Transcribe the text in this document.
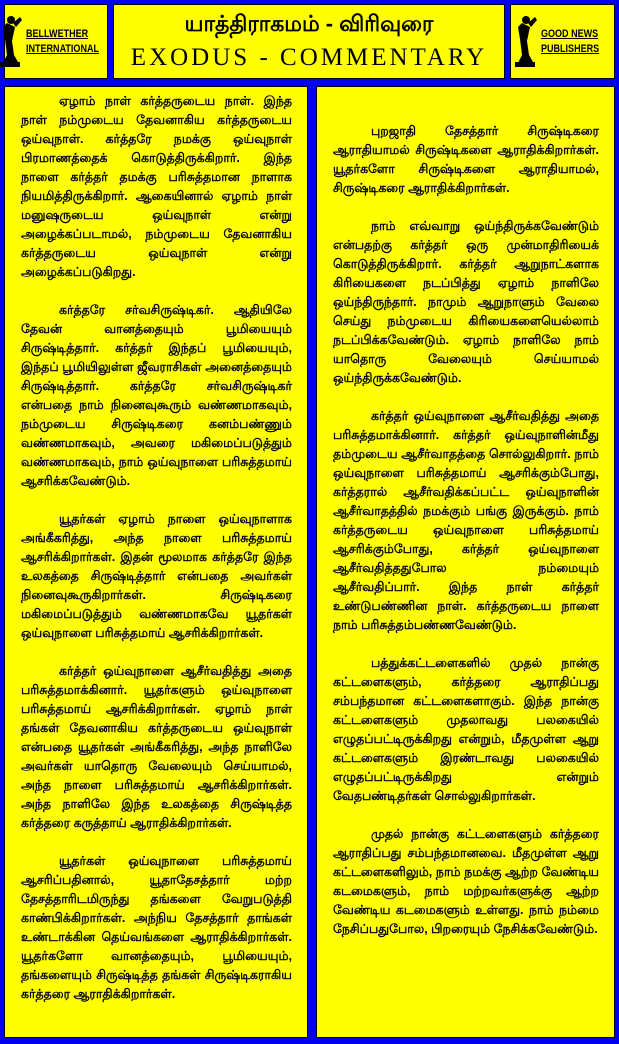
BELLWETHER
INTERNATIONAL
யாத்திராகமம் - விரிவுரை
EXODUS - COMMENTARY
GOOD NEWS
PUBLISHERS

ஏழாம் நாள் கர்த்தருடைய நாள். இந்த நாள் நம்முடைய தேவனாகிய கர்த்தருடைய ஒய்வுநாள். கர்த்தரே நமக்கு ஒய்வுநாள் பிரமாணத்தைக் கொடுத்திருக்கிறார். இந்த நாளை கர்த்தர் தமக்கு பரிசுத்தமான நாளாக நியமித்திருக்கிறார். ஆகையினால் ஏழாம் நாள் மனுஷருடைய ஒய்வுநாள் என்று அழைக்கப்படாமல், நம்முடைய தேவனாகிய கர்த்தருடைய ஒய்வுநாள் என்று அழைக்கப்படுகிறது.

கர்த்தரே சர்வசிருஷ்டிகர். ஆதியிலே தேவன் வானத்தையும் பூமியையும் சிருஷ்டித்தார். கர்த்தர் இந்தப் பூமியையும், இந்தப் பூமியிலுள்ள ஜீவராசிகள் அனைத்தையும் சிருஷ்டித்தார். கர்த்தரே சர்வசிருஷ்டிகர் என்பதை நாம் நினைவுகூரும் வண்ணமாகவும், நம்முடைய சிருஷ்டிகரை கனம்பண்ணும் வண்ணமாகவும், அவரை மகிமைப்படுத்தும் வண்ணமாகவும், நாம் ஒய்வுநாளை பரிசுத்தமாய் ஆசரிக்கவேண்டும்.

யூதர்கள் ஏழாம் நாளை ஒய்வுநாளாக அங்கீகரித்து, அந்த நாளை பரிசுத்தமாய் ஆசரிக்கிறார்கள். இதன் மூலமாக கர்த்தரே இந்த உலகத்தை சிருஷ்டித்தார் என்பதை அவர்கள் நினைவுகூருகிறார்கள். சிருஷ்டிகரை மகிமைப்படுத்தும் வண்ணமாகவே யூதர்கள் ஒய்வுநாளை பரிசுத்தமாய் ஆசரிக்கிறார்கள்.

கர்த்தர் ஒய்வுநாளை ஆசீர்வதித்து அதை பரிசுத்தமாக்கினார். யூதர்களும் ஒய்வுநாளை பரிசுத்தமாய் ஆசரிக்கிறார்கள். ஏழாம் நாள் தங்கள் தேவனாகிய கர்த்தருடைய ஒய்வுநாள் என்பதை யூதர்கள் அங்கீகரித்து, அந்த நாளிலே அவர்கள் யாதொரு வேலையும் செய்யாமல், அந்த நாளை பரிசுத்தமாய் ஆசரிக்கிறார்கள். அந்த நாளிலே இந்த உலகத்தை சிருஷ்டித்த கர்த்தரை கருத்தாய் ஆராதிக்கிறார்கள்.

யூதர்கள் ஒய்வுநாளை பரிசுத்தமாய் ஆசரிப்பதினால், யூதாதேசத்தார் மற்ற தேசத்தாரிடமிருந்து தங்களை வேறுபடுத்தி காண்பிக்கிறார்கள். அந்நிய தேசத்தார் தாங்கள் உண்டாக்கின தெய்வங்களை ஆராதிக்கிறார்கள். யூதர்களோ வானத்தையும், பூமியையும், தங்களையும் சிருஷ்டித்த தங்கள் சிருஷ்டிகராகிய கர்த்தரை ஆராதிக்கிறார்கள்.

புறஜாதி தேசத்தார் சிருஷ்டிகரை ஆராதியாமல் சிருஷ்டிகளை ஆராதிக்கிறார்கள். யூதர்களோ சிருஷ்டிகளை ஆராதியாமல், சிருஷ்டிகரை ஆராதிக்கிறார்கள்.

நாம் எவ்வாறு ஒய்ந்திருக்கவேண்டும் என்பதற்கு கர்த்தர் ஒரு முன்மாதிரியைக் கொடுத்திருக்கிறார். கர்த்தர் ஆறுநாட்களாக கிரியைகளை நடப்பித்து ஏழாம் நாளிலே ஒய்ந்திருந்தார். நாமும் ஆறுநாளும் வேலை செய்து நம்முடைய கிரியைகளையெல்லாம் நடப்பிக்கவேண்டும். ஏழாம் நாளிலே நாம் யாதொரு வேலையும் செய்யாமல் ஒய்ந்திருக்கவேண்டும்.

கர்த்தர் ஒய்வுநாளை ஆசீர்வதித்து அதை பரிசுத்தமாக்கினார். கர்த்தர் ஒய்வுநாளின்மீது தம்முடைய ஆசீர்வாதத்தை சொல்லுகிறார். நாம் ஒய்வுநாளை பரிசுத்தமாய் ஆசரிக்கும்போது, கர்த்தரால் ஆசீர்வதிக்கப்பட்ட ஒய்வுநாளின் ஆசீர்வாதத்தில் நமக்கும் பங்கு இருக்கும். நாம் கர்த்தருடைய ஒய்வுநாளை பரிசுத்தமாய் ஆசரிக்கும்போது, கர்த்தர் ஒய்வுநாளை ஆசீர்வதித்ததுபோல நம்மையும் ஆசீர்வதிப்பார். இந்த நாள் கர்த்தர் உண்டுபண்ணின நாள். கர்த்தருடைய நாளை நாம் பரிசுத்தம்பண்ணவேண்டும்.

பத்துக்கட்டளைகளில் முதல் நான்கு கட்டளைகளும், கர்த்தரை ஆராதிப்பது சம்பந்தமான கட்டளைகளாகும். இந்த நான்கு கட்டளைகளும் முதலாவது பலகையில் எழுதப்பட்டிருக்கிறது என்றும், மீதமுள்ள ஆறு கட்டளைகளும் இரண்டாவது பலகையில் எழுதப்பட்டிருக்கிறது என்றும் வேதபண்டிதர்கள் சொல்லுகிறார்கள்.

முதல் நான்கு கட்டளைகளும் கர்த்தரை ஆராதிப்பது சம்பந்தமானவை. மீதமுள்ள ஆறு கட்டளைகளிலும், நாம் நமக்கு ஆற்ற வேண்டிய கடமைகளும், நாம் மற்றவர்களுக்கு ஆற்ற வேண்டிய கடமைகளும் உள்ளது. நாம் நம்மை நேசிப்பதுபோல, பிறரையும் நேசிக்கவேண்டும்.
